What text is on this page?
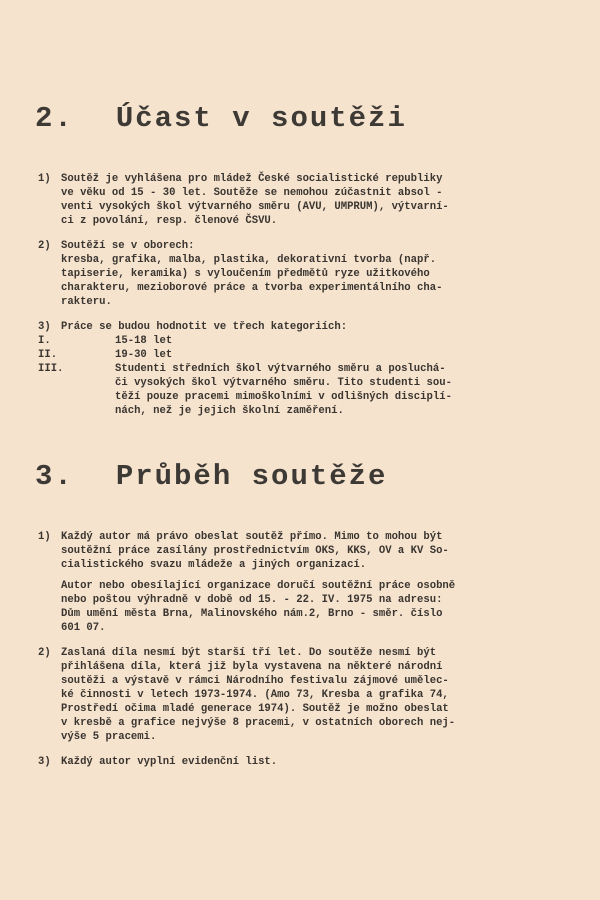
2. Účast v soutěži
1) Soutěž je vyhlášena pro mládež České socialistické republiky
ve věku od 15 - 30 let. Soutěže se nemohou zúčastnit absol -
venti vysokých škol výtvarného směru (AVU, UMPRUM), výtvarní-
ci z povolání, resp. členové ČSVU.
2) Soutěží se v oborech:
kresba, grafika, malba, plastika, dekorativní tvorba (např.
tapiserie, keramika) s vyloučením předmětů ryze užitkového
charakteru, mezioborové práce a tvorba experimentálního cha-
rakteru.
3) Práce se budou hodnotit ve třech kategoriích:
I.	15-18 let
II.	19-30 let
III.	Studenti středních škol výtvarného směru a posluchá-
či vysokých škol výtvarného směru. Tito studenti sou-
těží pouze pracemi mimoškolními v odlišných disciplí-
nách, než je jejich školní zaměření.
3. Průběh soutěže
1) Každý autor má právo obeslat soutěž přímo. Mimo to mohou být
soutěžní práce zasílány prostřednictvím OKS, KKS, OV a KV So-
cialistického svazu mládeže a jiných organizací.
Autor nebo obesílající organizace doručí soutěžní práce osobně
nebo poštou výhradně v době od 15. - 22. IV. 1975 na adresu:
Dům umění města Brna, Malinovského nám.2, Brno - směr. číslo
601 07.
2) Zaslaná díla nesmí být starší tří let. Do soutěže nesmí být
přihlášena díla, která již byla vystavena na některé národní
soutěži a výstavě v rámci Národního festivalu zájmové umělec-
ké činnosti v letech 1973-1974. (Amo 73, Kresba a grafika 74,
Prostředí očima mladé generace 1974). Soutěž je možno obeslat
v kresbě a grafice nejvýše 8 pracemi, v ostatních oborech nej-
výše 5 pracemi.
3) Každý autor vyplní evidenční list.
